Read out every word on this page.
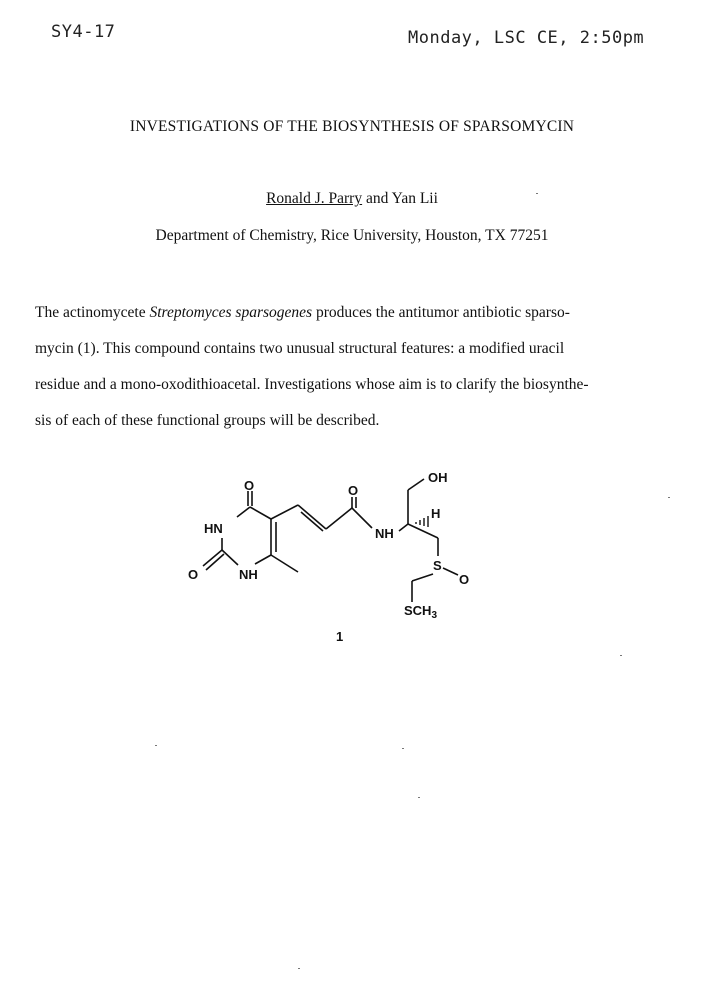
SY4-17	Monday, LSC CE, 2:50pm
INVESTIGATIONS OF THE BIOSYNTHESIS OF SPARSOMYCIN
Ronald J. Parry and Yan Lii
Department of Chemistry, Rice University, Houston, TX 77251
The actinomycete Streptomyces sparsogenes produces the antitumor antibiotic sparso-
mycin (1). This compound contains two unusual structural features: a modified uracil
residue and a mono-oxodithioacetal. Investigations whose aim is to clarify the biosynthe-
sis of each of these functional groups will be described.
O
HN
O	NH
O
NH
OH
H
S
O
$SCH_3$
1
